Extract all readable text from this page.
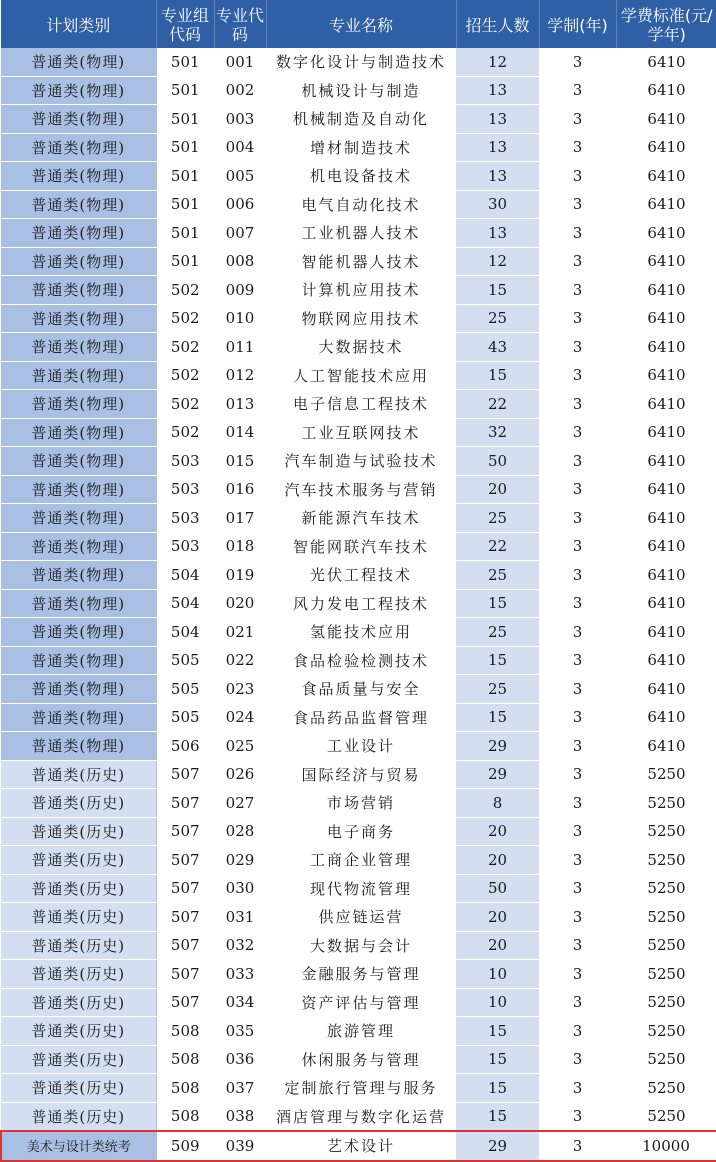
计划类别	专业组代码	专业代码	专业名称	招生人数	学制(年)	学费标准(元/学年)

普通类(物理)	501	001	数字化设计与制造技术	12	3	6410
普通类(物理)	501	002	机械设计与制造	13	3	6410
普通类(物理)	501	003	机械制造及自动化	13	3	6410
普通类(物理)	501	004	增材制造技术	13	3	6410
普通类(物理)	501	005	机电设备技术	13	3	6410
普通类(物理)	501	006	电气自动化技术	30	3	6410
普通类(物理)	501	007	工业机器人技术	13	3	6410
普通类(物理)	501	008	智能机器人技术	12	3	6410
普通类(物理)	502	009	计算机应用技术	15	3	6410
普通类(物理)	502	010	物联网应用技术	25	3	6410
普通类(物理)	502	011	大数据技术	43	3	6410
普通类(物理)	502	012	人工智能技术应用	15	3	6410
普通类(物理)	502	013	电子信息工程技术	22	3	6410
普通类(物理)	502	014	工业互联网技术	32	3	6410
普通类(物理)	503	015	汽车制造与试验技术	50	3	6410
普通类(物理)	503	016	汽车技术服务与营销	20	3	6410
普通类(物理)	503	017	新能源汽车技术	25	3	6410
普通类(物理)	503	018	智能网联汽车技术	22	3	6410
普通类(物理)	504	019	光伏工程技术	25	3	6410
普通类(物理)	504	020	风力发电工程技术	15	3	6410
普通类(物理)	504	021	氢能技术应用	25	3	6410
普通类(物理)	505	022	食品检验检测技术	15	3	6410
普通类(物理)	505	023	食品质量与安全	25	3	6410
普通类(物理)	505	024	食品药品监督管理	15	3	6410
普通类(物理)	506	025	工业设计	29	3	6410
普通类(历史)	507	026	国际经济与贸易	29	3	5250
普通类(历史)	507	027	市场营销	8	3	5250
普通类(历史)	507	028	电子商务	20	3	5250
普通类(历史)	507	029	工商企业管理	20	3	5250
普通类(历史)	507	030	现代物流管理	50	3	5250
普通类(历史)	507	031	供应链运营	20	3	5250
普通类(历史)	507	032	大数据与会计	20	3	5250
普通类(历史)	507	033	金融服务与管理	10	3	5250
普通类(历史)	507	034	资产评估与管理	10	3	5250
普通类(历史)	508	035	旅游管理	15	3	5250
普通类(历史)	508	036	休闲服务与管理	15	3	5250
普通类(历史)	508	037	定制旅行管理与服务	15	3	5250
普通类(历史)	508	038	酒店管理与数字化运营	15	3	5250
美术与设计类统考	509	039	艺术设计	29	3	10000
